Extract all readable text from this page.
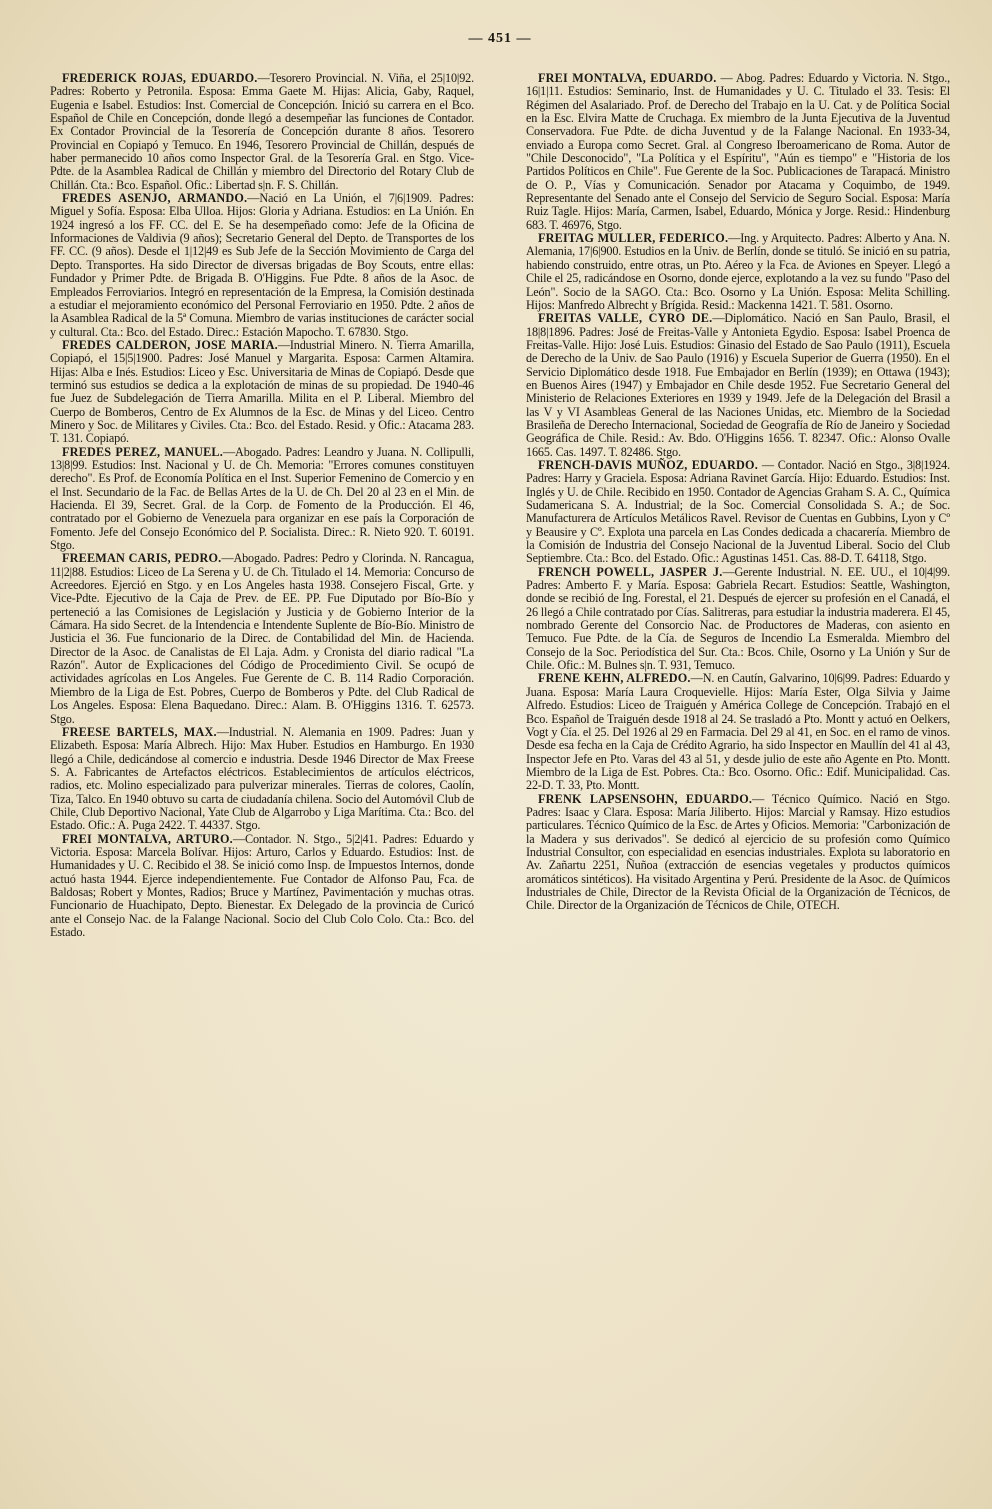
— 451 —

FREDERICK ROJAS, EDUARDO.—Tesorero Provincial. N. Viña, el 25|10|92. Padres: Roberto y Petronila. Esposa: Emma Gaete M. Hijas: Alicia, Gaby, Raquel, Eugenia e Isabel. Estudios: Inst. Comercial de Concepción. Inició su carrera en el Bco. Español de Chile en Concepción, donde llegó a desempeñar las funciones de Contador. Ex Contador Provincial de la Tesorería de Concepción durante 8 años. Tesorero Provincial en Copiapó y Temuco. En 1946, Tesorero Provincial de Chillán, después de haber permanecido 10 años como Inspector Gral. de la Tesorería Gral. en Stgo. Vice-Pdte. de la Asamblea Radical de Chillán y miembro del Directorio del Rotary Club de Chillán. Cta.: Bco. Español. Ofic.: Libertad s|n. F. S. Chillán.

FREDES ASENJO, ARMANDO.—Nació en La Unión, el 7|6|1909. Padres: Miguel y Sofía. Esposa: Elba Ulloa. Hijos: Gloria y Adriana. Estudios: en La Unión. En 1924 ingresó a los FF. CC. del E. Se ha desempeñado como: Jefe de la Oficina de Informaciones de Valdivia (9 años); Secretario General del Depto. de Transportes de los FF. CC. (9 años). Desde el 1|12|49 es Sub Jefe de la Sección Movimiento de Carga del Depto. Transportes. Ha sido Director de diversas brigadas de Boy Scouts, entre ellas: Fundador y Primer Pdte. de Brigada B. O'Higgins. Fue Pdte. 8 años de la Asoc. de Empleados Ferroviarios. Integró en representación de la Empresa, la Comisión destinada a estudiar el mejoramiento económico del Personal Ferroviario en 1950. Pdte. 2 años de la Asamblea Radical de la 5ª Comuna. Miembro de varias instituciones de carácter social y cultural. Cta.: Bco. del Estado. Direc.: Estación Mapocho. T. 67830. Stgo.

FREDES CALDERON, JOSE MARIA.—Industrial Minero. N. Tierra Amarilla, Copiapó, el 15|5|1900. Padres: José Manuel y Margarita. Esposa: Carmen Altamira. Hijas: Alba e Inés. Estudios: Liceo y Esc. Universitaria de Minas de Copiapó. Desde que terminó sus estudios se dedica a la explotación de minas de su propiedad. De 1940-46 fue Juez de Subdelegación de Tierra Amarilla. Milita en el P. Liberal. Miembro del Cuerpo de Bomberos, Centro de Ex Alumnos de la Esc. de Minas y del Liceo. Centro Minero y Soc. de Militares y Civiles. Cta.: Bco. del Estado. Resid. y Ofic.: Atacama 283. T. 131. Copiapó.

FREDES PEREZ, MANUEL.—Abogado. Padres: Leandro y Juana. N. Collipulli, 13|8|99. Estudios: Inst. Nacional y U. de Ch. Memoria: "Errores comunes constituyen derecho". Es Prof. de Economía Política en el Inst. Superior Femenino de Comercio y en el Inst. Secundario de la Fac. de Bellas Artes de la U. de Ch. Del 20 al 23 en el Min. de Hacienda. El 39, Secret. Gral. de la Corp. de Fomento de la Producción. El 46, contratado por el Gobierno de Venezuela para organizar en ese país la Corporación de Fomento. Jefe del Consejo Económico del P. Socialista. Direc.: R. Nieto 920. T. 60191. Stgo.

FREEMAN CARIS, PEDRO.—Abogado. Padres: Pedro y Clorinda. N. Rancagua, 11|2|88. Estudios: Liceo de La Serena y U. de Ch. Titulado el 14. Memoria: Concurso de Acreedores. Ejerció en Stgo. y en Los Angeles hasta 1938. Consejero Fiscal, Grte. y Vice-Pdte. Ejecutivo de la Caja de Prev. de EE. PP. Fue Diputado por Bío-Bío y perteneció a las Comisiones de Legislación y Justicia y de Gobierno Interior de la Cámara. Ha sido Secret. de la Intendencia e Intendente Suplente de Bío-Bío. Ministro de Justicia el 36. Fue funcionario de la Direc. de Contabilidad del Min. de Hacienda. Director de la Asoc. de Canalistas de El Laja. Adm. y Cronista del diario radical "La Razón". Autor de Explicaciones del Código de Procedimiento Civil. Se ocupó de actividades agrícolas en Los Angeles. Fue Gerente de C. B. 114 Radio Corporación. Miembro de la Liga de Est. Pobres, Cuerpo de Bomberos y Pdte. del Club Radical de Los Angeles. Esposa: Elena Baquedano. Direc.: Alam. B. O'Higgins 1316. T. 62573. Stgo.

FREESE BARTELS, MAX.—Industrial. N. Alemania en 1909. Padres: Juan y Elizabeth. Esposa: María Albrech. Hijo: Max Huber. Estudios en Hamburgo. En 1930 llegó a Chile, dedicándose al comercio e industria. Desde 1946 Director de Max Freese S. A. Fabricantes de Artefactos eléctricos. Establecimientos de artículos eléctricos, radios, etc. Molino especializado para pulverizar minerales. Tierras de colores, Caolín, Tiza, Talco. En 1940 obtuvo su carta de ciudadanía chilena. Socio del Automóvil Club de Chile, Club Deportivo Nacional, Yate Club de Algarrobo y Liga Marítima. Cta.: Bco. del Estado. Ofic.: A. Puga 2422. T. 44337. Stgo.

FREI MONTALVA, ARTURO.—Contador. N. Stgo., 5|2|41. Padres: Eduardo y Victoria. Esposa: Marcela Bolívar. Hijos: Arturo, Carlos y Eduardo. Estudios: Inst. de Humanidades y U. C. Recibido el 38. Se inició como Insp. de Impuestos Internos, donde actuó hasta 1944. Ejerce independientemente. Fue Contador de Alfonso Pau, Fca. de Baldosas; Robert y Montes, Radios; Bruce y Martínez, Pavimentación y muchas otras. Funcionario de Huachipato, Depto. Bienestar. Ex Delegado de la provincia de Curicó ante el Consejo Nac. de la Falange Nacional. Socio del Club Colo Colo. Cta.: Bco. del Estado.

FREI MONTALVA, EDUARDO. — Abog. Padres: Eduardo y Victoria. N. Stgo., 16|1|11. Estudios: Seminario, Inst. de Humanidades y U. C. Titulado el 33. Tesis: El Régimen del Asalariado. Prof. de Derecho del Trabajo en la U. Cat. y de Política Social en la Esc. Elvira Matte de Cruchaga. Ex miembro de la Junta Ejecutiva de la Juventud Conservadora. Fue Pdte. de dicha Juventud y de la Falange Nacional. En 1933-34, enviado a Europa como Secret. Gral. al Congreso Iberoamericano de Roma. Autor de "Chile Desconocido", "La Política y el Espíritu", "Aún es tiempo" e "Historia de los Partidos Políticos en Chile". Fue Gerente de la Soc. Publicaciones de Tarapacá. Ministro de O. P., Vías y Comunicación. Senador por Atacama y Coquimbo, de 1949. Representante del Senado ante el Consejo del Servicio de Seguro Social. Esposa: María Ruiz Tagle. Hijos: María, Carmen, Isabel, Eduardo, Mónica y Jorge. Resid.: Hindenburg 683. T. 46976, Stgo.

FREITAG MULLER, FEDERICO.—Ing. y Arquitecto. Padres: Alberto y Ana. N. Alemania, 17|6|900. Estudios en la Univ. de Berlín, donde se tituló. Se inició en su patria, habiendo construido, entre otras, un Pto. Aéreo y la Fca. de Aviones en Speyer. Llegó a Chile el 25, radicándose en Osorno, donde ejerce, explotando a la vez su fundo "Paso del León". Socio de la SAGO. Cta.: Bco. Osorno y La Unión. Esposa: Melita Schilling. Hijos: Manfredo Albrecht y Brígida. Resid.: Mackenna 1421. T. 581. Osorno.

FREITAS VALLE, CYRO DE.—Diplomático. Nació en San Paulo, Brasil, el 18|8|1896. Padres: José de Freitas-Valle y Antonieta Egydio. Esposa: Isabel Proenca de Freitas-Valle. Hijo: José Luis. Estudios: Ginasio del Estado de Sao Paulo (1911), Escuela de Derecho de la Univ. de Sao Paulo (1916) y Escuela Superior de Guerra (1950). En el Servicio Diplomático desde 1918. Fue Embajador en Berlín (1939); en Ottawa (1943); en Buenos Aires (1947) y Embajador en Chile desde 1952. Fue Secretario General del Ministerio de Relaciones Exteriores en 1939 y 1949. Jefe de la Delegación del Brasil a las V y VI Asambleas General de las Naciones Unidas, etc. Miembro de la Sociedad Brasileña de Derecho Internacional, Sociedad de Geografía de Río de Janeiro y Sociedad Geográfica de Chile. Resid.: Av. Bdo. O'Higgins 1656. T. 82347. Ofic.: Alonso Ovalle 1665. Cas. 1497. T. 82486. Stgo.

FRENCH-DAVIS MUÑOZ, EDUARDO. — Contador. Nació en Stgo., 3|8|1924. Padres: Harry y Graciela. Esposa: Adriana Ravinet García. Hijo: Eduardo. Estudios: Inst. Inglés y U. de Chile. Recibido en 1950. Contador de Agencias Graham S. A. C., Química Sudamericana S. A. Industrial; de la Soc. Comercial Consolidada S. A.; de Soc. Manufacturera de Artículos Metálicos Ravel. Revisor de Cuentas en Gubbins, Lyon y Cº y Beausire y Cº. Explota una parcela en Las Condes dedicada a chacarería. Miembro de la Comisión de Industria del Consejo Nacional de la Juventud Liberal. Socio del Club Septiembre. Cta.: Bco. del Estado. Ofic.: Agustinas 1451. Cas. 88-D. T. 64118, Stgo.

FRENCH POWELL, JASPER J.—Gerente Industrial. N. EE. UU., el 10|4|99. Padres: Amberto F. y María. Esposa: Gabriela Recart. Estudios: Seattle, Washington, donde se recibió de Ing. Forestal, el 21. Después de ejercer su profesión en el Canadá, el 26 llegó a Chile contratado por Cías. Salitreras, para estudiar la industria maderera. El 45, nombrado Gerente del Consorcio Nac. de Productores de Maderas, con asiento en Temuco. Fue Pdte. de la Cía. de Seguros de Incendio La Esmeralda. Miembro del Consejo de la Soc. Periodística del Sur. Cta.: Bcos. Chile, Osorno y La Unión y Sur de Chile. Ofic.: M. Bulnes s|n. T. 931, Temuco.

FRENE KEHN, ALFREDO.—N. en Cautín, Galvarino, 10|6|99. Padres: Eduardo y Juana. Esposa: María Laura Croquevielle. Hijos: María Ester, Olga Silvia y Jaime Alfredo. Estudios: Liceo de Traiguén y América College de Concepción. Trabajó en el Bco. Español de Traiguén desde 1918 al 24. Se trasladó a Pto. Montt y actuó en Oelkers, Vogt y Cía. el 25. Del 1926 al 29 en Farmacia. Del 29 al 41, en Soc. en el ramo de vinos. Desde esa fecha en la Caja de Crédito Agrario, ha sido Inspector en Maullín del 41 al 43, Inspector Jefe en Pto. Varas del 43 al 51, y desde julio de este año Agente en Pto. Montt. Miembro de la Liga de Est. Pobres. Cta.: Bco. Osorno. Ofic.: Edif. Municipalidad. Cas. 22-D. T. 33, Pto. Montt.

FRENK LAPSENSOHN, EDUARDO.— Técnico Químico. Nació en Stgo. Padres: Isaac y Clara. Esposa: María Jiliberto. Hijos: Marcial y Ramsay. Hizo estudios particulares. Técnico Químico de la Esc. de Artes y Oficios. Memoria: "Carbonización de la Madera y sus derivados". Se dedicó al ejercicio de su profesión como Químico Industrial Consultor, con especialidad en esencias industriales. Explota su laboratorio en Av. Zañartu 2251, Ñuñoa (extracción de esencias vegetales y productos químicos aromáticos sintéticos). Ha visitado Argentina y Perú. Presidente de la Asoc. de Químicos Industriales de Chile, Director de la Revista Oficial de la Organización de Técnicos, de Chile. Director de la Organización de Técnicos de Chile, OTECH.
